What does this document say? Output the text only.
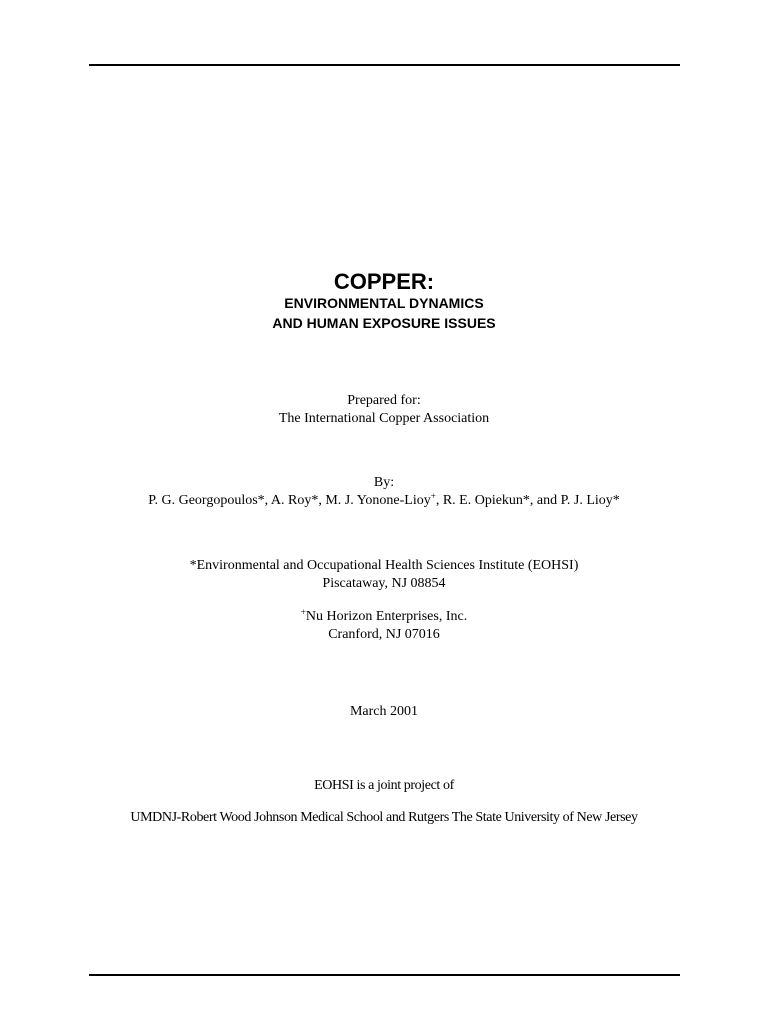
COPPER:
ENVIRONMENTAL DYNAMICS
AND HUMAN EXPOSURE ISSUES
Prepared for:
The International Copper Association
By:
P. G. Georgopoulos*, A. Roy*, M. J. Yonone-Lioy+, R. E. Opiekun*, and P. J. Lioy*
*Environmental and Occupational Health Sciences Institute (EOHSI)
Piscataway, NJ 08854
+Nu Horizon Enterprises, Inc.
Cranford, NJ 07016
March 2001
EOHSI is a joint project of
UMDNJ-Robert Wood Johnson Medical School and Rutgers The State University of New Jersey
